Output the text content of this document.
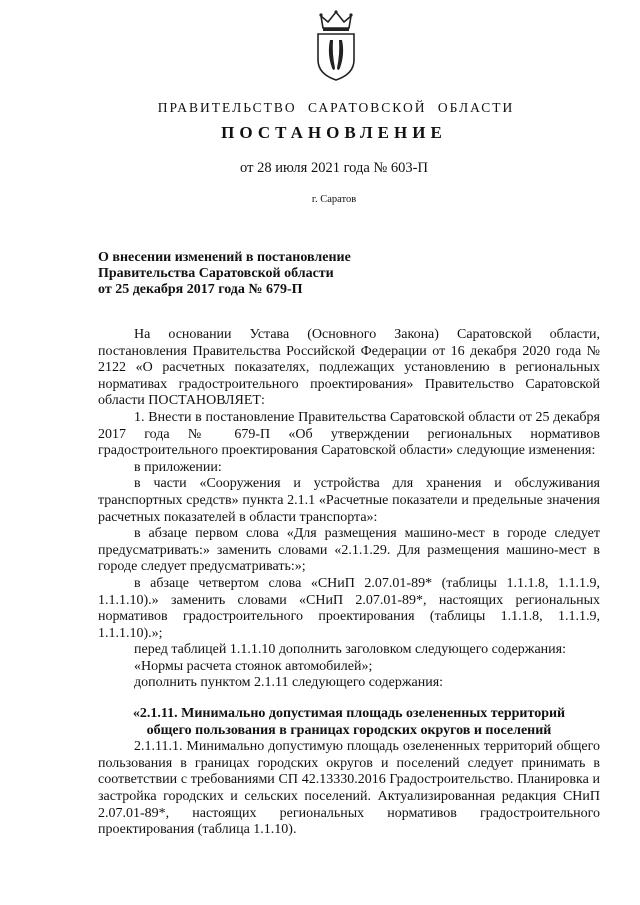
ПРАВИТЕЛЬСТВО САРАТОВСКОЙ ОБЛАСТИ
ПОСТАНОВЛЕНИЕ
от 28 июля 2021 года № 603-П
г. Саратов
О внесении изменений в постановление
Правительства Саратовской области
от 25 декабря 2017 года № 679-П

На основании Устава (Основного Закона) Саратовской области, постановления Правительства Российской Федерации от 16 декабря 2020 года № 2122 «О расчетных показателях, подлежащих установлению в региональных нормативах градостроительного проектирования» Правительство Саратовской области ПОСТАНОВЛЯЕТ:

1. Внести в постановление Правительства Саратовской области от 25 декабря 2017 года № 679-П «Об утверждении региональных нормативов градостроительного проектирования Саратовской области» следующие изменения:

в приложении:

в части «Сооружения и устройства для хранения и обслуживания транспортных средств» пункта 2.1.1 «Расчетные показатели и предельные значения расчетных показателей в области транспорта»:

в абзаце первом слова «Для размещения машино-мест в городе следует предусматривать:» заменить словами «2.1.1.29. Для размещения машино-мест в городе следует предусматривать:»;

в абзаце четвертом слова «СНиП 2.07.01-89* (таблицы 1.1.1.8, 1.1.1.9, 1.1.1.10).» заменить словами «СНиП 2.07.01-89*, настоящих региональных нормативов градостроительного проектирования (таблицы 1.1.1.8, 1.1.1.9, 1.1.1.10).»;

перед таблицей 1.1.1.10 дополнить заголовком следующего содержания:

«Нормы расчета стоянок автомобилей»;

дополнить пунктом 2.1.11 следующего содержания:

«2.1.11. Минимально допустимая площадь озелененных территорий
общего пользования в границах городских округов и поселений

2.1.11.1. Минимально допустимую площадь озелененных территорий общего пользования в границах городских округов и поселений следует принимать в соответствии с требованиями СП 42.13330.2016 Градостроительство. Планировка и застройка городских и сельских поселений. Актуализированная редакция СНиП 2.07.01-89*, настоящих региональных нормативов градостроительного проектирования (таблица 1.1.10).
